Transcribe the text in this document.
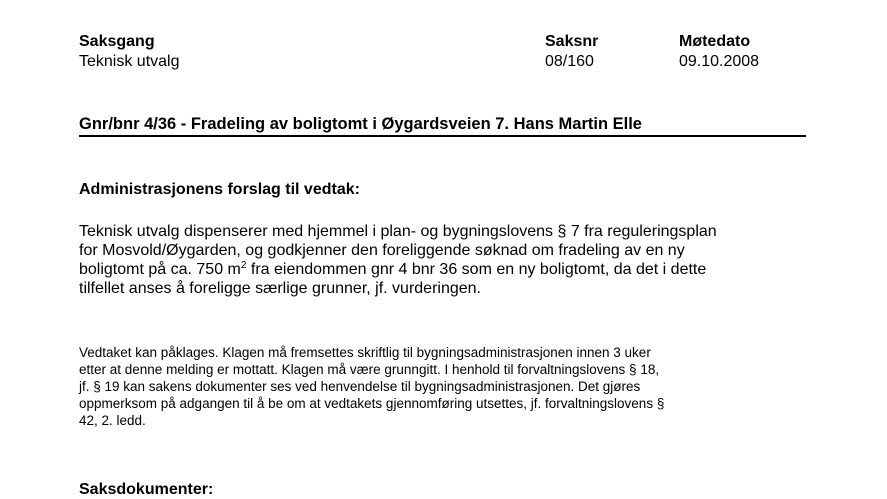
Saksgang
Teknisk utvalg
Saksnr
08/160
Møtedato
09.10.2008
Gnr/bnr 4/36 - Fradeling av boligtomt i Øygardsveien 7. Hans Martin Elle
Administrasjonens forslag til vedtak:
Teknisk utvalg dispenserer med hjemmel i plan- og bygningslovens § 7 fra reguleringsplan
for Mosvold/Øygarden, og godkjenner den foreliggende søknad om fradeling av en ny
boligtomt på ca. 750 $m^2$ fra eiendommen gnr 4 bnr 36 som en ny boligtomt, da det i dette
tilfellet anses å foreligge særlige grunner, jf. vurderingen.
Vedtaket kan påklages. Klagen må fremsettes skriftlig til bygningsadministrasjonen innen 3 uker
etter at denne melding er mottatt. Klagen må være grunngitt. I henhold til forvaltningslovens § 18,
jf. § 19 kan sakens dokumenter ses ved henvendelse til bygningsadministrasjonen. Det gjøres
oppmerksom på adgangen til å be om at vedtakets gjennomføring utsettes, jf. forvaltningslovens §
42, 2. ledd.
Saksdokumenter:
